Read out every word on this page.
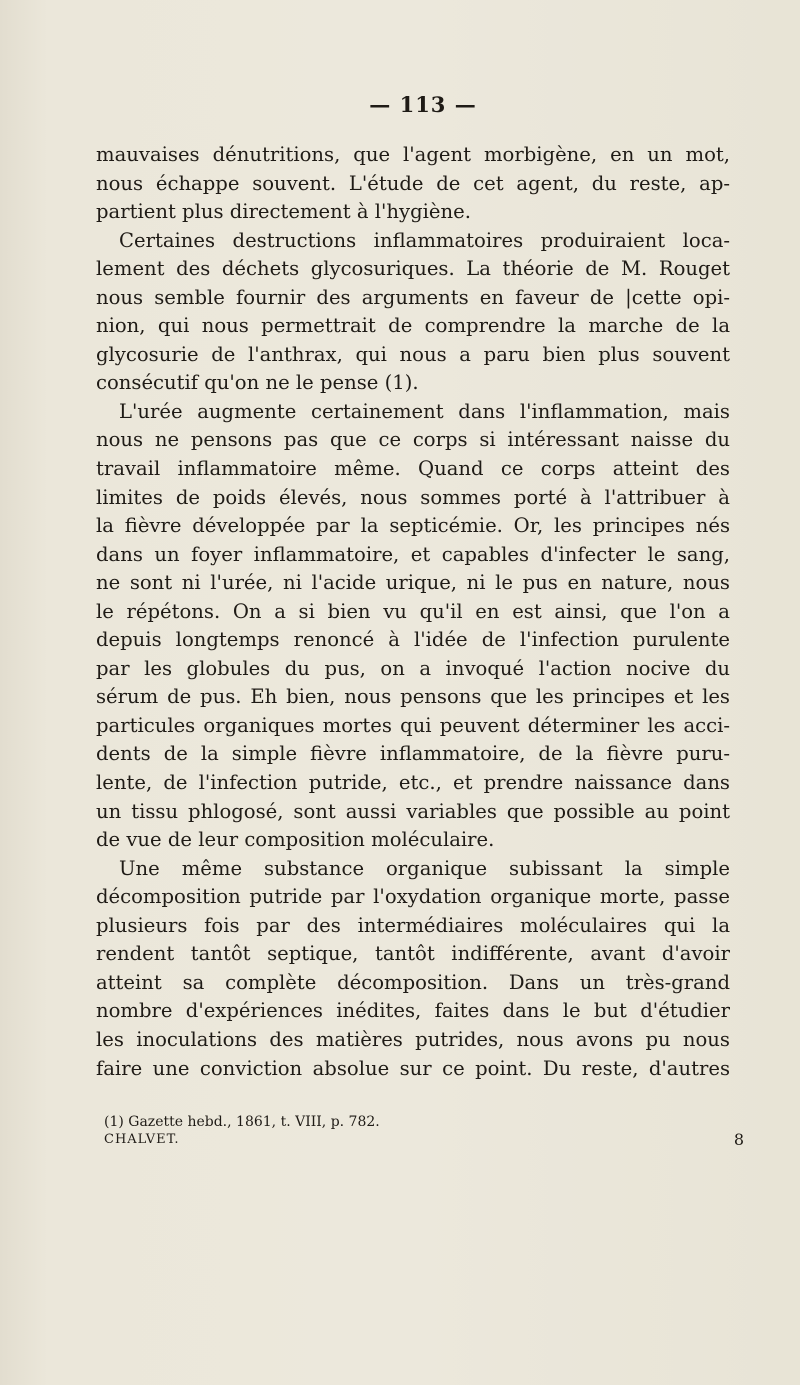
— 113 —
mauvaises dénutritions, que l'agent morbigène, en un mot,
nous échappe souvent. L'étude de cet agent, du reste, ap-
partient plus directement à l'hygiène.
Certaines destructions inflammatoires produiraient loca-
lement des déchets glycosuriques. La théorie de M. Rouget
nous semble fournir des arguments en faveur de |cette opi-
nion, qui nous permettrait de comprendre la marche de la
glycosurie de l'anthrax, qui nous a paru bien plus souvent
consécutif qu'on ne le pense (1).
L'urée augmente certainement dans l'inflammation, mais
nous ne pensons pas que ce corps si intéressant naisse du
travail inflammatoire même. Quand ce corps atteint des
limites de poids élevés, nous sommes porté à l'attribuer à
la fièvre développée par la septicémie. Or, les principes nés
dans un foyer inflammatoire, et capables d'infecter le sang,
ne sont ni l'urée, ni l'acide urique, ni le pus en nature, nous
le répétons. On a si bien vu qu'il en est ainsi, que l'on a
depuis longtemps renoncé à l'idée de l'infection purulente
par les globules du pus, on a invoqué l'action nocive du
sérum de pus. Eh bien, nous pensons que les principes et les
particules organiques mortes qui peuvent déterminer les acci-
dents de la simple fièvre inflammatoire, de la fièvre puru-
lente, de l'infection putride, etc., et prendre naissance dans
un tissu phlogosé, sont aussi variables que possible au point
de vue de leur composition moléculaire.
Une même substance organique subissant la simple
décomposition putride par l'oxydation organique morte, passe
plusieurs fois par des intermédiaires moléculaires qui la
rendent tantôt septique, tantôt indifférente, avant d'avoir
atteint sa complète décomposition. Dans un très-grand
nombre d'expériences inédites, faites dans le but d'étudier
les inoculations des matières putrides, nous avons pu nous
faire une conviction absolue sur ce point. Du reste, d'autres
(1) Gazette hebd., 1861, t. VIII, p. 782.
CHALVET.	8
